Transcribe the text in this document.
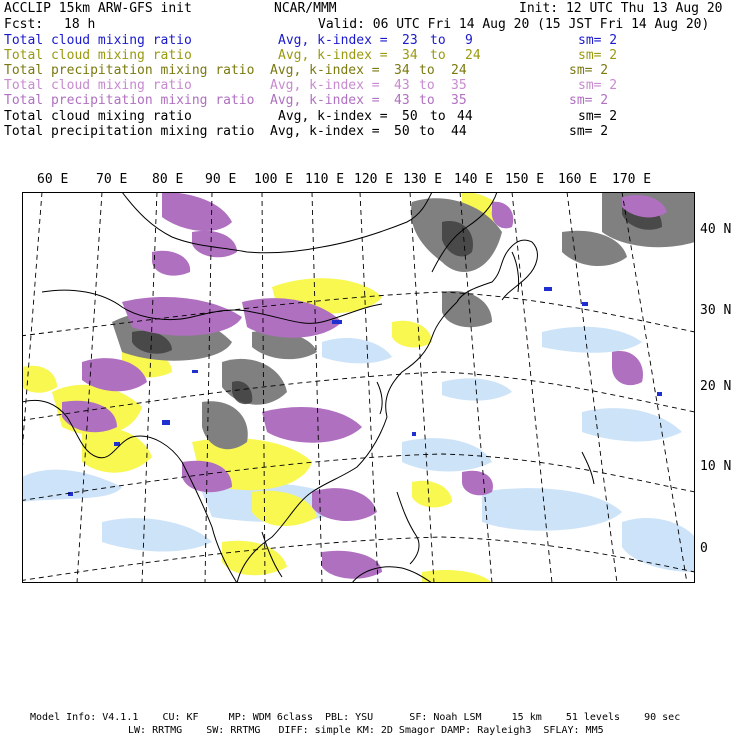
ACCLIP 15km ARW-GFS init	NCAR/MMM	Init: 12 UTC Thu 13 Aug 20
Fcst: 18 h	Valid: 06 UTC Fri 14 Aug 20 (15 JST Fri 14 Aug 20)
Total cloud mixing ratio	Avg, k-index = 23 to 9	sm= 2
Total cloud mixing ratio	Avg, k-index = 34 to 24	sm= 2
Total precipitation mixing ratio Avg, k-index = 34 to 24	sm= 2
Total cloud mixing ratio	Avg, k-index = 43 to 35	sm= 2
Total precipitation mixing ratio Avg, k-index = 43 to 35	sm= 2
Total cloud mixing ratio	Avg, k-index = 50 to 44	sm= 2
Total precipitation mixing ratio Avg, k-index = 50 to 44	sm= 2
60 E 70 E 80 E 90 E 100 E 110 E 120 E 130 E 140 E 150 E 160 E 170 E
40 N
30 N
20 N
10 N
0
Model Info: V4.1.1    CU: KF     MP: WDM 6class  PBL: YSU      SF: Noah LSM     15 km    51 levels    90 sec
LW: RRTMG    SW: RRTMG   DIFF: simple KM: 2D Smagor DAMP: Rayleigh3  SFLAY: MM5
